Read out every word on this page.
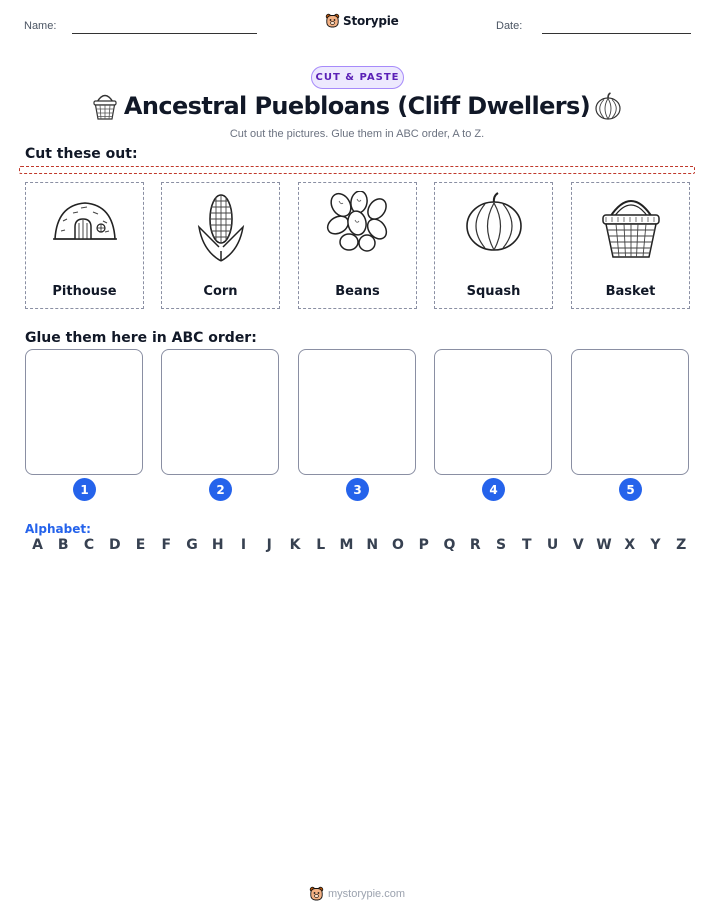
Name:	Storypie	Date:
CUT & PASTE
Ancestral Puebloans (Cliff Dwellers)
Cut out the pictures. Glue them in ABC order, A to Z.
Cut these out:
Pithouse	Corn	Beans	Squash	Basket
Glue them here in ABC order:
1	2	3	4	5
Alphabet:
A	B	C	D	E	F	G	H	I	J	K	L	M N O	P	Q	R	S	T	U	V W X	Y	Z
mystorypie.com
